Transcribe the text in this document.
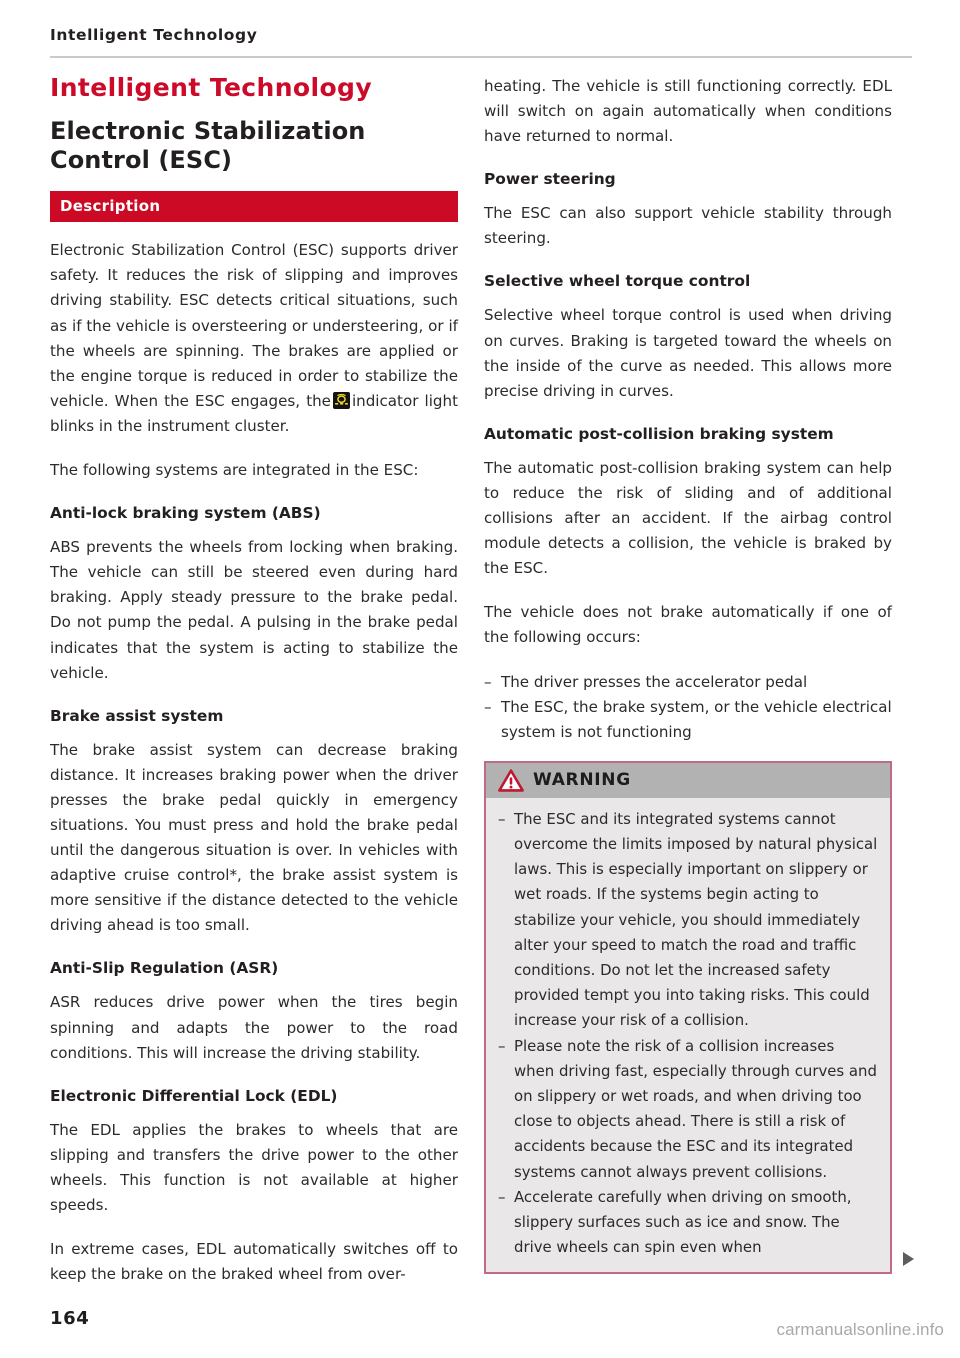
Intelligent Technology
Intelligent Technology
Electronic Stabilization Control (ESC)
Description

Electronic Stabilization Control (ESC) supports driver safety. It reduces the risk of slipping and improves driving stability. ESC detects critical situations, such as if the vehicle is oversteering or understeering, or if the wheels are spinning. The brakes are applied or the engine torque is reduced in order to stabilize the vehicle. When the ESC engages, the indicator light blinks in the instrument cluster.

The following systems are integrated in the ESC:

Anti-lock braking system (ABS)

ABS prevents the wheels from locking when braking. The vehicle can still be steered even during hard braking. Apply steady pressure to the brake pedal. Do not pump the pedal. A pulsing in the brake pedal indicates that the system is acting to stabilize the vehicle.

Brake assist system

The brake assist system can decrease braking distance. It increases braking power when the driver presses the brake pedal quickly in emergency situations. You must press and hold the brake pedal until the dangerous situation is over. In vehicles with adaptive cruise control*, the brake assist system is more sensitive if the distance detected to the vehicle driving ahead is too small.

Anti-Slip Regulation (ASR)

ASR reduces drive power when the tires begin spinning and adapts the power to the road conditions. This will increase the driving stability.

Electronic Differential Lock (EDL)

The EDL applies the brakes to wheels that are slipping and transfers the drive power to the other wheels. This function is not available at higher speeds.

In extreme cases, EDL automatically switches off to keep the brake on the braked wheel from over-

heating. The vehicle is still functioning correctly. EDL will switch on again automatically when conditions have returned to normal.

Power steering

The ESC can also support vehicle stability through steering.

Selective wheel torque control

Selective wheel torque control is used when driving on curves. Braking is targeted toward the wheels on the inside of the curve as needed. This allows more precise driving in curves.

Automatic post-collision braking system

The automatic post-collision braking system can help to reduce the risk of sliding and of additional collisions after an accident. If the airbag control module detects a collision, the vehicle is braked by the ESC.

The vehicle does not brake automatically if one of the following occurs:

– The driver presses the accelerator pedal
– The ESC, the brake system, or the vehicle electrical system is not functioning
WARNING
– The ESC and its integrated systems cannot overcome the limits imposed by natural physical laws. This is especially important on slippery or wet roads. If the systems begin acting to stabilize your vehicle, you should immediately alter your speed to match the road and traffic conditions. Do not let the increased safety provided tempt you into taking risks. This could increase your risk of a collision.
– Please note the risk of a collision increases when driving fast, especially through curves and on slippery or wet roads, and when driving too close to objects ahead. There is still a risk of accidents because the ESC and its integrated systems cannot always prevent collisions.
– Accelerate carefully when driving on smooth, slippery surfaces such as ice and snow. The drive wheels can spin even when
164
carmanualsonline.info
